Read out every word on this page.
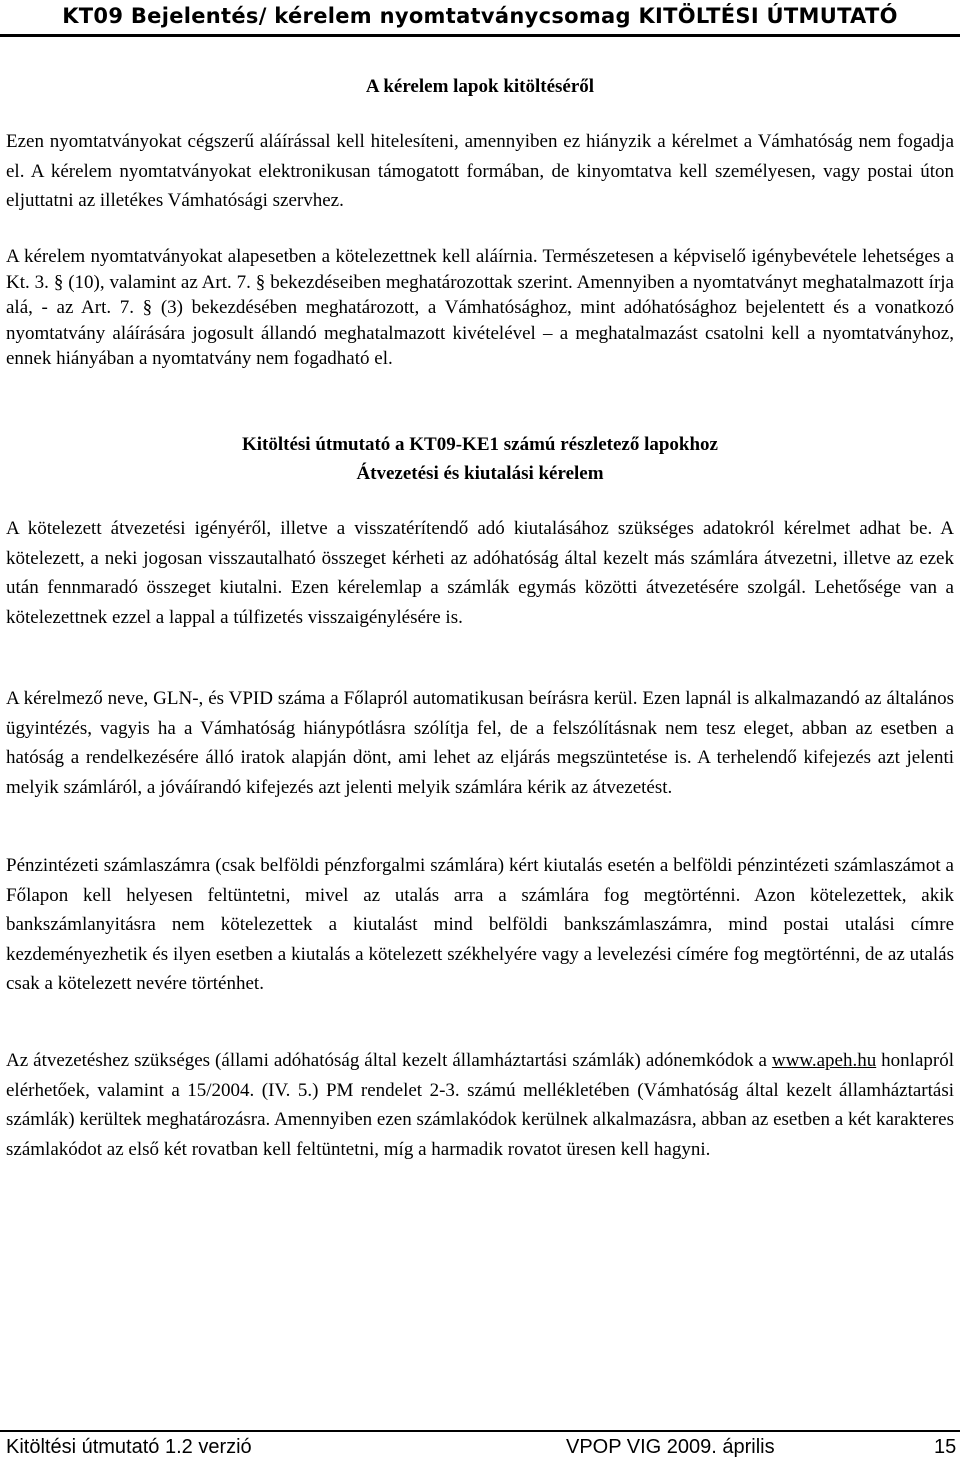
KT09 Bejelentés/ kérelem nyomtatványcsomag KITÖLTÉSI ÚTMUTATÓ
A kérelem lapok kitöltéséről

Ezen nyomtatványokat cégszerű aláírással kell hitelesíteni, amennyiben ez hiányzik a kérelmet a Vámhatóság nem fogadja el. A kérelem nyomtatványokat elektronikusan támogatott formában, de kinyomtatva kell személyesen, vagy postai úton eljuttatni az illetékes Vámhatósági szervhez.

A kérelem nyomtatványokat alapesetben a kötelezettnek kell aláírnia. Természetesen a képviselő igénybevétele lehetséges a Kt. 3. § (10), valamint az Art. 7. § bekezdéseiben meghatározottak szerint. Amennyiben a nyomtatványt meghatalmazott írja alá, - az Art. 7. § (3) bekezdésében meghatározott, a Vámhatósághoz, mint adóhatósághoz bejelentett és a vonatkozó nyomtatvány aláírására jogosult állandó meghatalmazott kivételével – a meghatalmazást csatolni kell a nyomtatványhoz, ennek hiányában a nyomtatvány nem fogadható el.

Kitöltési útmutató a KT09-KE1 számú részletező lapokhoz
Átvezetési és kiutalási kérelem

A kötelezett átvezetési igényéről, illetve a visszatérítendő adó kiutalásához szükséges adatokról kérelmet adhat be. A kötelezett, a neki jogosan visszautalható összeget kérheti az adóhatóság által kezelt más számlára átvezetni, illetve az ezek után fennmaradó összeget kiutalni. Ezen kérelemlap a számlák egymás közötti átvezetésére szolgál. Lehetősége van a kötelezettnek ezzel a lappal a túlfizetés visszaigénylésére is.

A kérelmező neve, GLN-, és VPID száma a Főlapról automatikusan beírásra kerül. Ezen lapnál is alkalmazandó az általános ügyintézés, vagyis ha a Vámhatóság hiánypótlásra szólítja fel, de a felszólításnak nem tesz eleget, abban az esetben a hatóság a rendelkezésére álló iratok alapján dönt, ami lehet az eljárás megszüntetése is. A terhelendő kifejezés azt jelenti melyik számláról, a jóváírandó kifejezés azt jelenti melyik számlára kérik az átvezetést.

Pénzintézeti számlaszámra (csak belföldi pénzforgalmi számlára) kért kiutalás esetén a belföldi pénzintézeti számlaszámot a Főlapon kell helyesen feltüntetni, mivel az utalás arra a számlára fog megtörténni. Azon kötelezettek, akik bankszámlanyitásra nem kötelezettek a kiutalást mind belföldi bankszámlaszámra, mind postai utalási címre kezdeményezhetik és ilyen esetben a kiutalás a kötelezett székhelyére vagy a levelezési címére fog megtörténni, de az utalás csak a kötelezett nevére történhet.

Az átvezetéshez szükséges (állami adóhatóság által kezelt államháztartási számlák) adónemkódok a www.apeh.hu honlapról elérhetőek, valamint a 15/2004. (IV. 5.) PM rendelet 2-3. számú mellékletében (Vámhatóság által kezelt államháztartási számlák) kerültek meghatározásra. Amennyiben ezen számlakódok kerülnek alkalmazásra, abban az esetben a két karakteres számlakódot az első két rovatban kell feltüntetni, míg a harmadik rovatot üresen kell hagyni.

Kitöltési útmutató 1.2 verzió	VPOP VIG 2009. április	15
